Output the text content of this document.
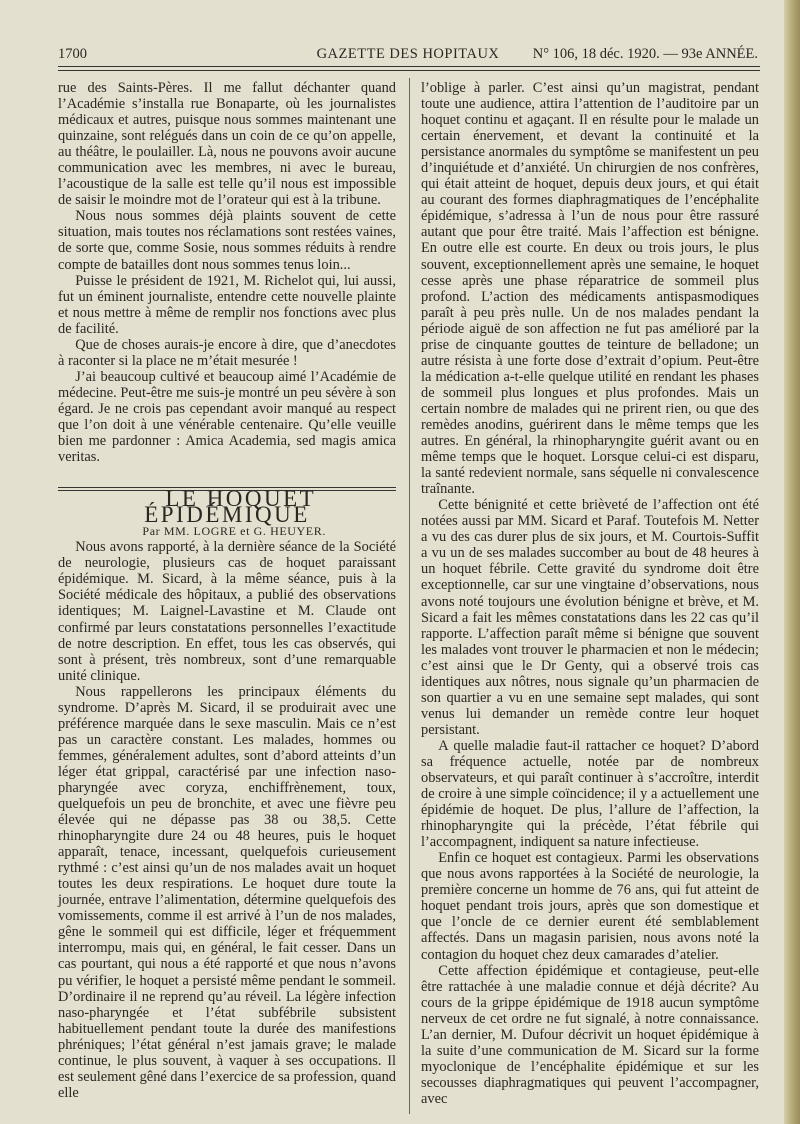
1700	GAZETTE DES HOPITAUX	N° 106, 18 déc. 1920. — 93e ANNÉE.

rue des Saints-Pères. Il me fallut déchanter quand l’Académie s’installa rue Bonaparte, où les journalistes médicaux et autres, puisque nous sommes maintenant une quinzaine, sont relégués dans un coin de ce qu’on appelle, au théâtre, le poulailler. Là, nous ne pouvons avoir aucune communication avec les membres, ni avec le bureau, l’acoustique de la salle est telle qu’il nous est impossible de saisir le moindre mot de l’orateur qui est à la tribune.

Nous nous sommes déjà plaints souvent de cette situation, mais toutes nos réclamations sont restées vaines, de sorte que, comme Sosie, nous sommes réduits à rendre compte de batailles dont nous sommes tenus loin...

Puisse le président de 1921, M. Richelot qui, lui aussi, fut un éminent journaliste, entendre cette nouvelle plainte et nous mettre à même de remplir nos fonctions avec plus de facilité.

Que de choses aurais-je encore à dire, que d’anecdotes à raconter si la place ne m’était mesurée !

J’ai beaucoup cultivé et beaucoup aimé l’Académie de médecine. Peut-être me suis-je montré un peu sévère à son égard. Je ne crois pas cependant avoir manqué au respect que l’on doit à une vénérable centenaire. Qu’elle veuille bien me pardonner : Amica Academia, sed magis amica veritas.

LE HOQUET ÉPIDÉMIQUE

Par MM. LOGRE et G. HEUYER.

Nous avons rapporté, à la dernière séance de la Société de neurologie, plusieurs cas de hoquet paraissant épidémique. M. Sicard, à la même séance, puis à la Société médicale des hôpitaux, a publié des observations identiques; M. Laignel-Lavastine et M. Claude ont confirmé par leurs constatations personnelles l’exactitude de notre description. En effet, tous les cas observés, qui sont à présent, très nombreux, sont d’une remarquable unité clinique.

Nous rappellerons les principaux éléments du syndrome. D’après M. Sicard, il se produirait avec une préférence marquée dans le sexe masculin. Mais ce n’est pas un caractère constant. Les malades, hommes ou femmes, généralement adultes, sont d’abord atteints d’un léger état grippal, caractérisé par une infection naso-pharyngée avec coryza, enchiffrènement, toux, quelquefois un peu de bronchite, et avec une fièvre peu élevée qui ne dépasse pas 38 ou 38,5. Cette rhinopharyngite dure 24 ou 48 heures, puis le hoquet apparaît, tenace, incessant, quelquefois curieusement rythmé : c’est ainsi qu’un de nos malades avait un hoquet toutes les deux respirations. Le hoquet dure toute la journée, entrave l’alimentation, détermine quelquefois des vomissements, comme il est arrivé à l’un de nos malades, gêne le sommeil qui est difficile, léger et fréquemment interrompu, mais qui, en général, le fait cesser. Dans un cas pourtant, qui nous a été rapporté et que nous n’avons pu vérifier, le hoquet a persisté même pendant le sommeil. D’ordinaire il ne reprend qu’au réveil. La légère infection naso-pharyngée et l’état subfébrile subsistent habituellement pendant toute la durée des manifestions phréniques; l’état général n’est jamais grave; le malade continue, le plus souvent, à vaquer à ses occupations. Il est seulement gêné dans l’exercice de sa profession, quand elle

l’oblige à parler. C’est ainsi qu’un magistrat, pendant toute une audience, attira l’attention de l’auditoire par un hoquet continu et agaçant. Il en résulte pour le malade un certain énervement, et devant la continuité et la persistance anormales du symptôme se manifestent un peu d’inquiétude et d’anxiété. Un chirurgien de nos confrères, qui était atteint de hoquet, depuis deux jours, et qui était au courant des formes diaphragmatiques de l’encéphalite épidémique, s’adressa à l’un de nous pour être rassuré autant que pour être traité. Mais l’affection est bénigne. En outre elle est courte. En deux ou trois jours, le plus souvent, exceptionnellement après une semaine, le hoquet cesse après une phase réparatrice de sommeil plus profond. L’action des médicaments antispasmodiques paraît à peu près nulle. Un de nos malades pendant la période aiguë de son affection ne fut pas amélioré par la prise de cinquante gouttes de teinture de belladone; un autre résista à une forte dose d’extrait d’opium. Peut-être la médication a-t-elle quelque utilité en rendant les phases de sommeil plus longues et plus profondes. Mais un certain nombre de malades qui ne prirent rien, ou que des remèdes anodins, guérirent dans le même temps que les autres. En général, la rhinopharyngite guérit avant ou en même temps que le hoquet. Lorsque celui-ci est disparu, la santé redevient normale, sans séquelle ni convalescence traînante.

Cette bénignité et cette brièveté de l’affection ont été notées aussi par MM. Sicard et Paraf. Toutefois M. Netter a vu des cas durer plus de six jours, et M. Courtois-Suffit a vu un de ses malades succomber au bout de 48 heures à un hoquet fébrile. Cette gravité du syndrome doit être exceptionnelle, car sur une vingtaine d’observations, nous avons noté toujours une évolution bénigne et brève, et M. Sicard a fait les mêmes constatations dans les 22 cas qu’il rapporte. L’affection paraît même si bénigne que souvent les malades vont trouver le pharmacien et non le médecin; c’est ainsi que le Dr Genty, qui a observé trois cas identiques aux nôtres, nous signale qu’un pharmacien de son quartier a vu en une semaine sept malades, qui sont venus lui demander un remède contre leur hoquet persistant.

A quelle maladie faut-il rattacher ce hoquet? D’abord sa fréquence actuelle, notée par de nombreux observateurs, et qui paraît continuer à s’accroître, interdit de croire à une simple coïncidence; il y a actuellement une épidémie de hoquet. De plus, l’allure de l’affection, la rhinopharyngite qui la précède, l’état fébrile qui l’accompagnent, indiquent sa nature infectieuse.

Enfin ce hoquet est contagieux. Parmi les observations que nous avons rapportées à la Société de neurologie, la première concerne un homme de 76 ans, qui fut atteint de hoquet pendant trois jours, après que son domestique et que l’oncle de ce dernier eurent été semblablement affectés. Dans un magasin parisien, nous avons noté la contagion du hoquet chez deux camarades d’atelier.

Cette affection épidémique et contagieuse, peut-elle être rattachée à une maladie connue et déjà décrite? Au cours de la grippe épidémique de 1918 aucun symptôme nerveux de cet ordre ne fut signalé, à notre connaissance. L’an dernier, M. Dufour décrivit un hoquet épidémique à la suite d’une communication de M. Sicard sur la forme myoclonique de l’encéphalite épidémique et sur les secousses diaphragmatiques qui peuvent l’accompagner, avec
